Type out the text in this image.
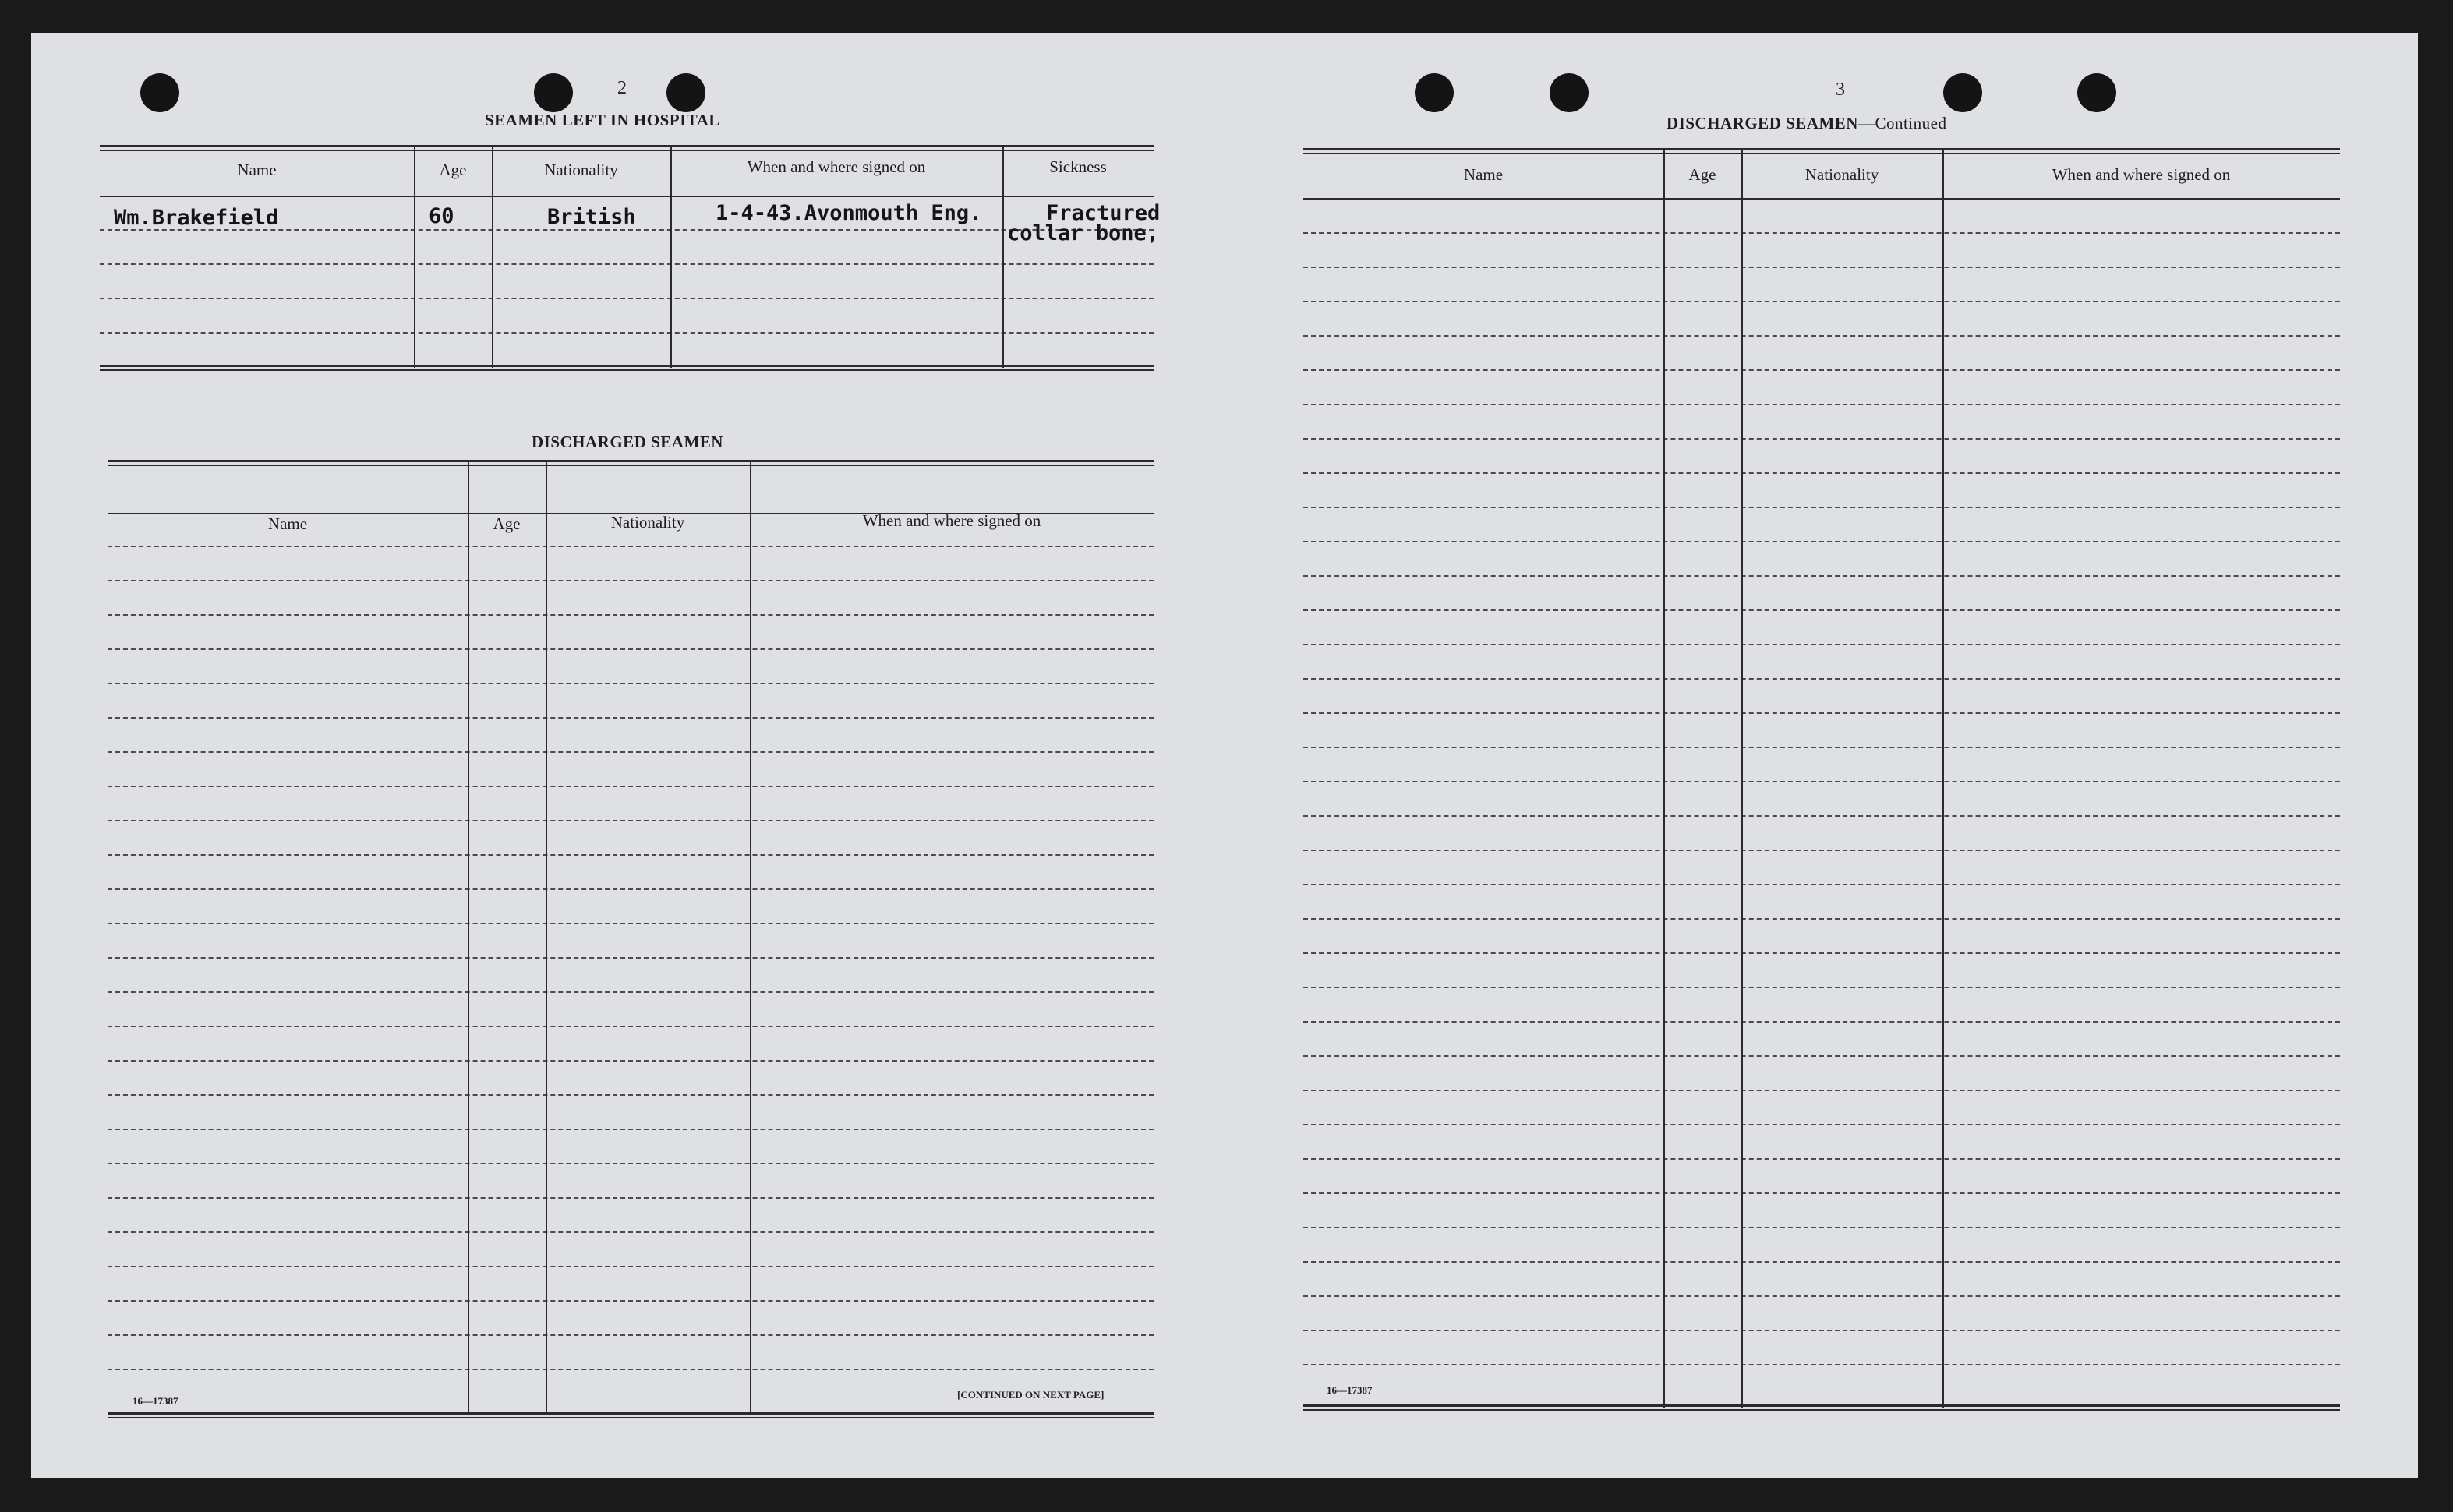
2
SEAMEN LEFT IN HOSPITAL
Name	Age	Nationality	When and where signed on	Sickness
Wm.Brakefield	60	British	1-4-43.Avonmouth Eng.	Fractured
collar bone,
DISCHARGED SEAMEN
Name	Age	Nationality	When and where signed on
16—17387
[CONTINUED ON NEXT PAGE]
3
DISCHARGED SEAMEN—Continued
Name	Age	Nationality	When and where signed on
16—17387
